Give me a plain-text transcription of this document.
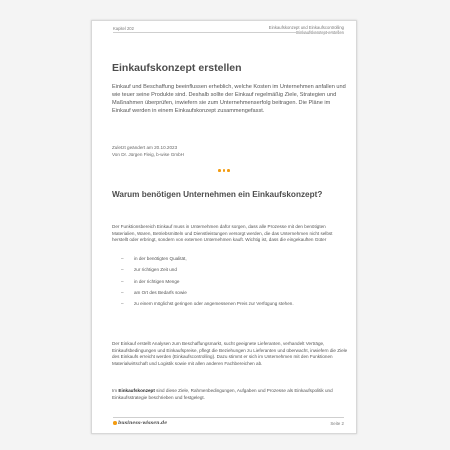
Kapitel 202	Einkaufskonzept und Einkaufscontrolling
Einkaufskonzept erstellen
Einkaufskonzept erstellen

Einkauf und Beschaffung beeinflussen erheblich, welche Kosten im Unternehmen anfallen und wie teuer seine Produkte sind. Deshalb sollte der Einkauf regelmäßig Ziele, Strategien und Maßnahmen überprüfen, inwiefern sie zum Unternehmenserfolg beitragen. Die Pläne im Einkauf werden in einem Einkaufskonzept zusammengefasst.

Zuletzt geändert am 20.10.2023
Von Dr. Jürgen Fleig, b-wise GmbH

Warum benötigen Unternehmen ein Einkaufskonzept?

Der Funktionsbereich Einkauf muss in Unternehmen dafür sorgen, dass alle Prozesse mit den benötigten Materialien, Waren, Betriebsmitteln und Dienstleistungen versorgt werden, die das Unternehmen nicht selbst herstellt oder erbringt, sondern von externen Unternehmen kauft. Wichtig ist, dass die eingekauften Güter

– in der benötigten Qualität,
– zur richtigen Zeit und
– in der richtigen Menge
– am Ort des Bedarfs sowie
– zu einem möglichst geringen oder angemessenen Preis zur Verfügung stehen.

Der Einkauf erstellt Analysen zum Beschaffungsmarkt, sucht geeignete Lieferanten, verhandelt Verträge, Einkaufsbedingungen und Einkaufspreise, pflegt die Beziehungen zu Lieferanten und überwacht, inwiefern die Ziele des Einkaufs erreicht werden (Einkaufscontrolling). Dazu stimmt er sich im Unternehmen mit den Funktionen Materialwirtschaft und Logistik sowie mit allen anderen Fachbereichen ab.

Im Einkaufskonzept sind diese Ziele, Rahmenbedingungen, Aufgaben und Prozesse als Einkaufspolitik und Einkaufsstrategie beschrieben und festgelegt.

business-wissen.de	Seite 2
